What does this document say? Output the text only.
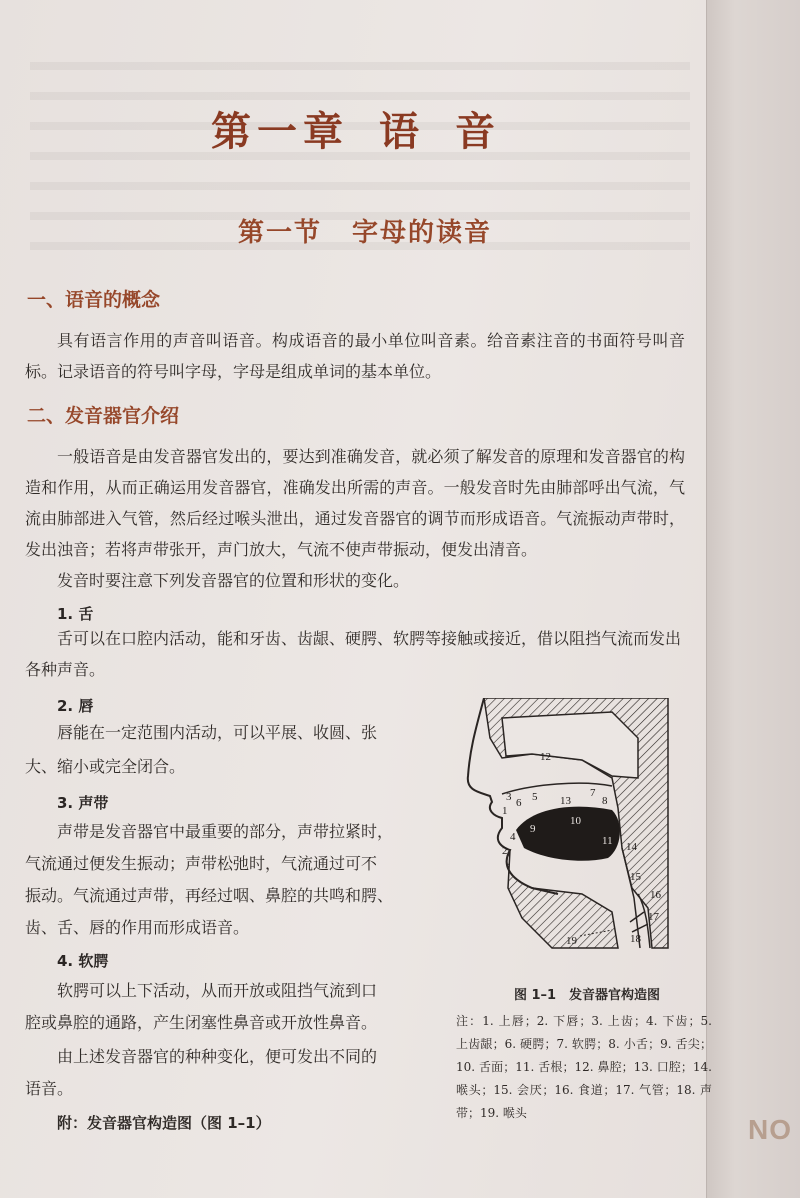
NO
第一章 语 音
第一节 字母的读音
一、语音的概念
具有语言作用的声音叫语音。构成语音的最小单位叫音素。给音素注音的书面符号叫音标。记录语音的符号叫字母，字母是组成单词的基本单位。
二、发音器官介绍
一般语音是由发音器官发出的，要达到准确发音，就必须了解发音的原理和发音器官的构造和作用，从而正确运用发音器官，准确发出所需的声音。一般发音时先由肺部呼出气流，气流由肺部进入气管，然后经过喉头泄出，通过发音器官的调节而形成语音。气流振动声带时，发出浊音；若将声带张开，声门放大，气流不使声带振动，便发出清音。
发音时要注意下列发音器官的位置和形状的变化。
1. 舌
舌可以在口腔内活动，能和牙齿、齿龈、硬腭、软腭等接触或接近，借以阻挡气流而发出
各种声音。
2. 唇
唇能在一定范围内活动，可以平展、收圆、张
大、缩小或完全闭合。
3. 声带
声带是发音器官中最重要的部分，声带拉紧时，
气流通过便发生振动；声带松弛时，气流通过可不
振动。气流通过声带，再经过咽、鼻腔的共鸣和腭、
齿、舌、唇的作用而形成语音。
4. 软腭
软腭可以上下活动，从而开放或阻挡气流到口
腔或鼻腔的通路，产生闭塞性鼻音或开放性鼻音。
由上述发音器官的种种变化，便可发出不同的
语音。
附：发音器官构造图（图 1–1）
12
6 5	7
8
13
3
1
2
4
9
10
11 14
15
16
17
18
19
图 1–1　发音器官构造图
注：1. 上唇；2. 下唇；3. 上齿；4. 下齿；5. 上齿龈；6. 硬腭；7. 软腭；8. 小舌；9. 舌尖；10. 舌面；11. 舌根；12. 鼻腔；13. 口腔；14. 喉头；15. 会厌；16. 食道；17. 气管；18. 声带；19. 喉头
